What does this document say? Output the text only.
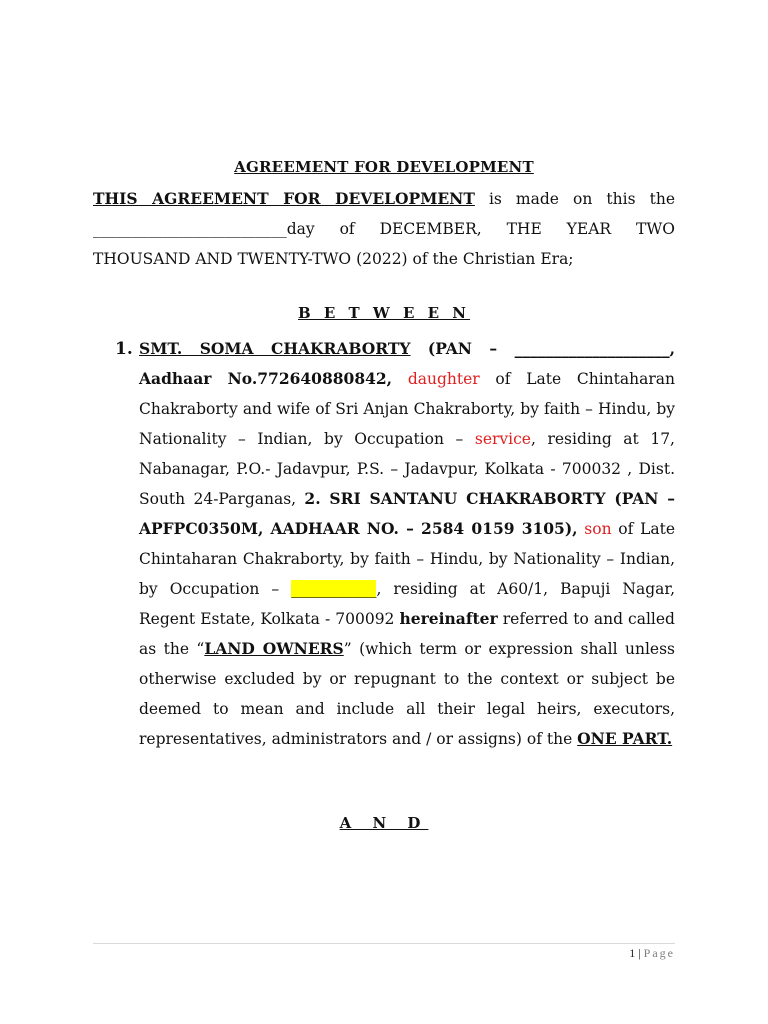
AGREEMENT FOR DEVELOPMENT
THIS AGREEMENT FOR DEVELOPMENT is made on this the _________________________day of DECEMBER, THE YEAR TWO THOUSAND AND TWENTY-TWO (2022) of the Christian Era;
B E T W E E N
1. SMT. SOMA CHAKRABORTY (PAN – ____________________, Aadhaar No.772640880842, daughter of Late Chintaharan Chakraborty and wife of Sri Anjan Chakraborty, by faith – Hindu, by Nationality – Indian, by Occupation – service, residing at 17, Nabanagar, P.O.- Jadavpur, P.S. – Jadavpur, Kolkata - 700032 , Dist. South 24-Parganas, 2. SRI SANTANU CHAKRABORTY (PAN – APFPC0350M, AADHAAR NO. – 2584 0159 3105), son of Late Chintaharan Chakraborty, by faith – Hindu, by Nationality – Indian, by Occupation – ___________, residing at A60/1, Bapuji Nagar, Regent Estate, Kolkata - 700092 hereinafter referred to and called as the “LAND OWNERS” (which term or expression shall unless otherwise excluded by or repugnant to the context or subject be deemed to mean and include all their legal heirs, executors, representatives, administrators and / or assigns) of the ONE PART.
A N D
1 | Page
